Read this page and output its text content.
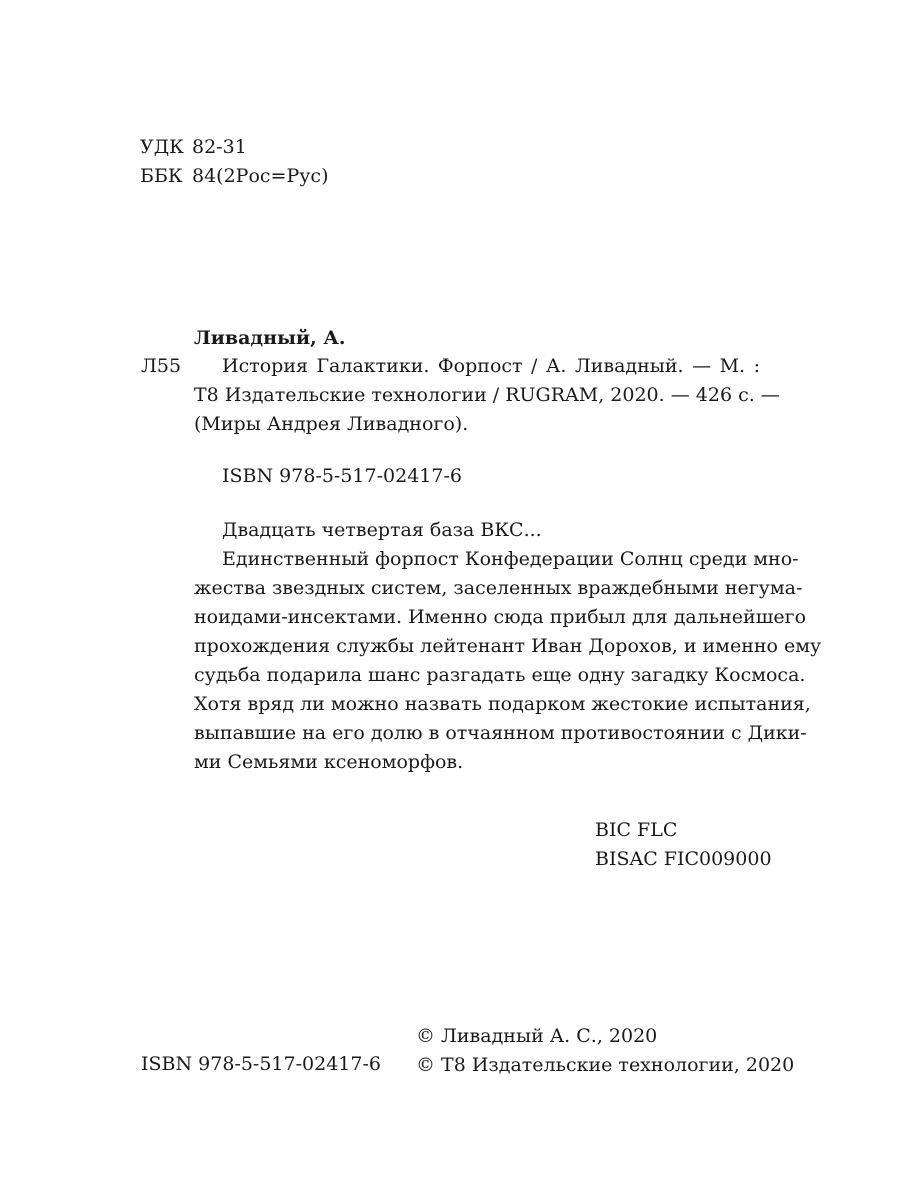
УДК 82-31
ББК 84(2Рос=Рус)
Ливадный, А.
Л55	История Галактики. Форпост / А. Ливадный. — М. :
Т8 Издательские технологии / RUGRAM, 2020. — 426 с. —
(Миры Андрея Ливадного).
ISBN 978-5-517-02417-6
Двадцать четвертая база ВКС...
Единственный форпост Конфедерации Солнц среди мно-
жества звездных систем, заселенных враждебными негума-
ноидами-инсектами. Именно сюда прибыл для дальнейшего
прохождения службы лейтенант Иван Дорохов, и именно ему
судьба подарила шанс разгадать еще одну загадку Космоса.
Хотя вряд ли можно назвать подарком жестокие испытания,
выпавшие на его долю в отчаянном противостоянии с Дики-
ми Семьями ксеноморфов.
BIC FLC
BISAC FIC009000
ISBN 978-5-517-02417-6
© Ливадный А. С., 2020
© Т8 Издательские технологии, 2020
